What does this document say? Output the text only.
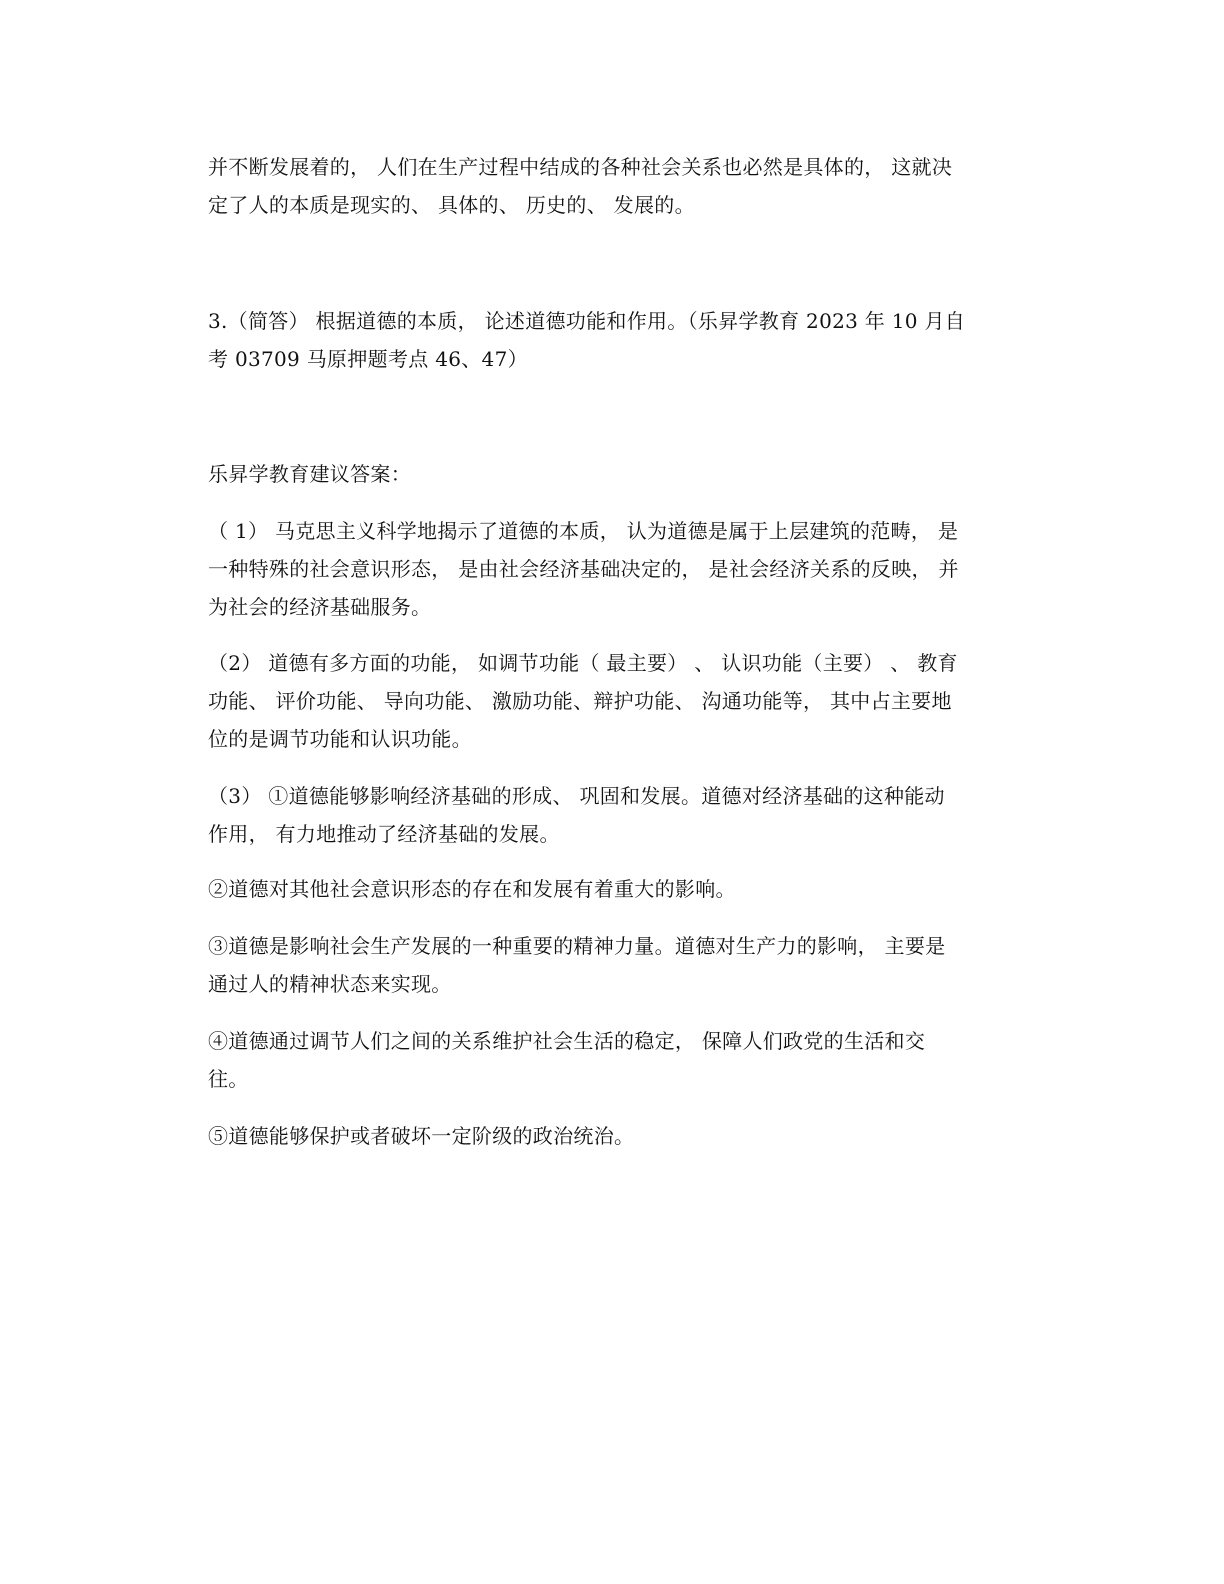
并不断发展着的， 人们在生产过程中结成的各种社会关系也必然是具体的， 这就决
定了人的本质是现实的、 具体的、 历史的、 发展的。
3.（简答） 根据道德的本质， 论述道德功能和作用。（乐昇学教育 2023 年 10 月自
考 03709 马原押题考点 46、47）
乐昇学教育建议答案：
（ 1） 马克思主义科学地揭示了道德的本质， 认为道德是属于上层建筑的范畴， 是
一种特殊的社会意识形态， 是由社会经济基础决定的， 是社会经济关系的反映， 并
为社会的经济基础服务。
（2） 道德有多方面的功能， 如调节功能（ 最主要） 、 认识功能（主要） 、 教育
功能、 评价功能、 导向功能、 激励功能、辩护功能、 沟通功能等， 其中占主要地
位的是调节功能和认识功能。
（3） ①道德能够影响经济基础的形成、 巩固和发展。道德对经济基础的这种能动
作用， 有力地推动了经济基础的发展。
②道德对其他社会意识形态的存在和发展有着重大的影响。
③道德是影响社会生产发展的一种重要的精神力量。道德对生产力的影响， 主要是
通过人的精神状态来实现。
④道德通过调节人们之间的关系维护社会生活的稳定， 保障人们政党的生活和交
往。
⑤道德能够保护或者破坏一定阶级的政治统治。
